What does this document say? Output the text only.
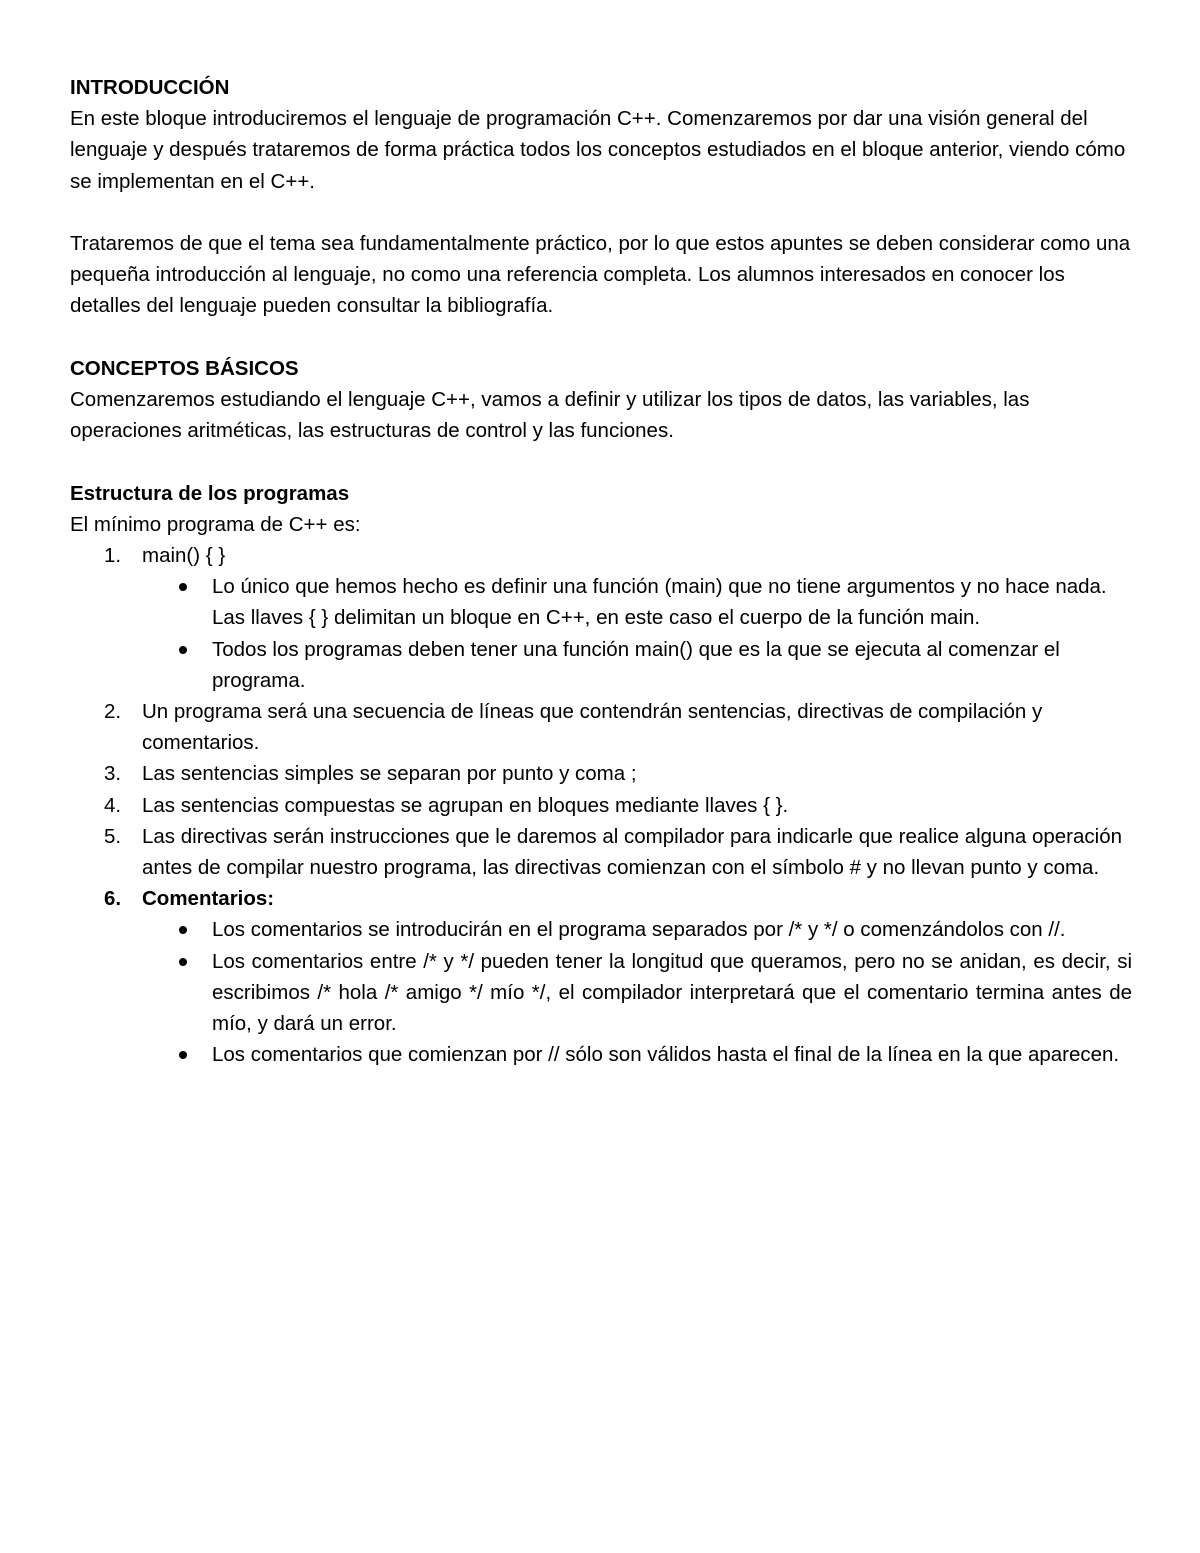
INTRODUCCIÓN

En este bloque introduciremos el lenguaje de programación C++. Comenzaremos por dar una visión general del lenguaje y después trataremos de forma práctica todos los conceptos estudiados en el bloque anterior, viendo cómo se implementan en el C++.

Trataremos de que el tema sea fundamentalmente práctico, por lo que estos apuntes se deben considerar como una pequeña introducción al lenguaje, no como una referencia completa. Los alumnos interesados en conocer los detalles del lenguaje pueden consultar la bibliografía.

CONCEPTOS BÁSICOS

Comenzaremos estudiando el lenguaje C++, vamos a definir y utilizar los tipos de datos, las variables, las operaciones aritméticas, las estructuras de control y las funciones.

Estructura de los programas

El mínimo programa de C++ es:

main() { }
Lo único que hemos hecho es definir una función (main) que no tiene argumentos y no hace nada. Las llaves { } delimitan un bloque en C++, en este caso el cuerpo de la función main.
Todos los programas deben tener una función main() que es la que se ejecuta al comenzar el programa.
Un programa será una secuencia de líneas que contendrán sentencias, directivas de compilación y comentarios.
Las sentencias simples se separan por punto y coma ;
Las sentencias compuestas se agrupan en bloques mediante llaves { }.
Las directivas serán instrucciones que le daremos al compilador para indicarle que realice alguna operación antes de compilar nuestro programa, las directivas comienzan con el símbolo # y no llevan punto y coma.
Comentarios:
Los comentarios se introducirán en el programa separados por /* y */ o comenzándolos con //.
Los comentarios entre /* y */ pueden tener la longitud que queramos, pero no se anidan, es decir, si escribimos /* hola /* amigo */ mío */, el compilador interpretará que el comentario termina antes de mío, y dará un error.
Los comentarios que comienzan por // sólo son válidos hasta el final de la línea en la que aparecen.
